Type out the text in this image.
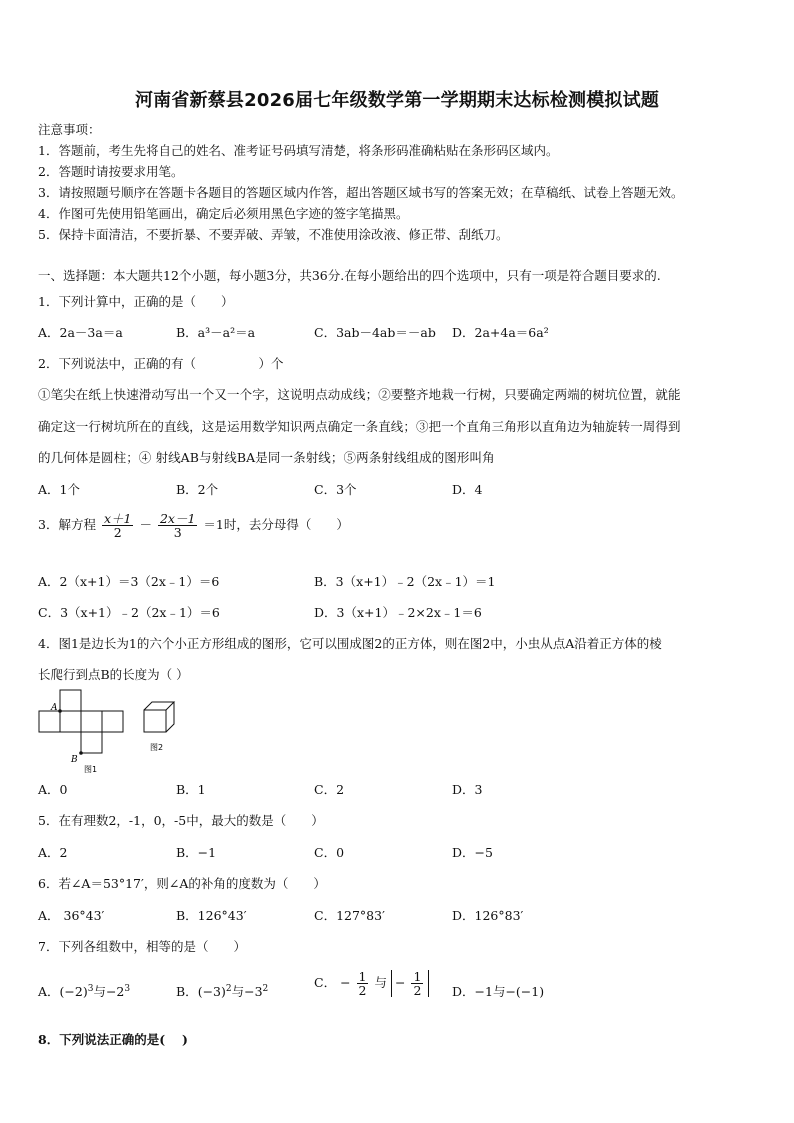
河南省新蔡县2026届七年级数学第一学期期末达标检测模拟试题
注意事项：
1．答题前，考生先将自己的姓名、准考证号码填写清楚，将条形码准确粘贴在条形码区域内。
2．答题时请按要求用笔。
3．请按照题号顺序在答题卡各题目的答题区域内作答，超出答题区域书写的答案无效；在草稿纸、试卷上答题无效。
4．作图可先使用铅笔画出，确定后必须用黑色字迹的签字笔描黑。
5．保持卡面清洁，不要折暴、不要弄破、弄皱，不准使用涂改液、修正带、刮纸刀。
一、选择题：本大题共12个小题，每小题3分，共36分.在每小题给出的四个选项中，只有一项是符合题目要求的.
1．下列计算中，正确的是（　　）
A．2a－3a＝a	B．a³－a²＝a	C．3ab－4ab＝－ab D．2a+4a＝6a²
2．下列说法中，正确的有（　　　　　）个
①笔尖在纸上快速滑动写出一个又一个字，这说明点动成线；②要整齐地栽一行树，只要确定两端的树坑位置，就能
确定这一行树坑所在的直线，这是运用数学知识两点确定一条直线；③把一个直角三角形以直角边为轴旋转一周得到
的几何体是圆柱；④ 射线AB与射线BA是同一条射线；⑤两条射线组成的图形叫角
A．1个	B．2个	C．3个	D．4
3．解方程 $\frac{x+1}{2} - \frac{2x-1}{3} =1$时，去分母得（　　）
A．2（x+1）＝3（2x﹣1）＝6	B．3（x+1）﹣2（2x﹣1）＝1
C．3（x+1）﹣2（2x﹣1）＝6	D．3（x+1）﹣2×2x﹣1＝6
4．图1是边长为1的六个小正方形组成的图形，它可以围成图2的正方体，则在图2中，小虫从点A沿着正方体的棱
长爬行到点B的长度为（ ）
A
B
图1
图2
A．0	B．1	C．2	D．3
5．在有理数2，-1，0，-5中，最大的数是（　　）
A．2	B．−1	C．0	D．−5
6．若∠A＝53°17′，则∠A的补角的度数为（　　）
A． 36°43′	B．126°43′	C．127°83′	D．126°83′
7．下列各组数中，相等的是（　　）
A．$(-2)^3$与$-2^3$	B．$(-3)^2$与$-3^2$	C． − $\frac{1}{2}$ 与 − $\frac{1}{2}$ D．−1与−(−1)
8．下列说法正确的是(　 )
